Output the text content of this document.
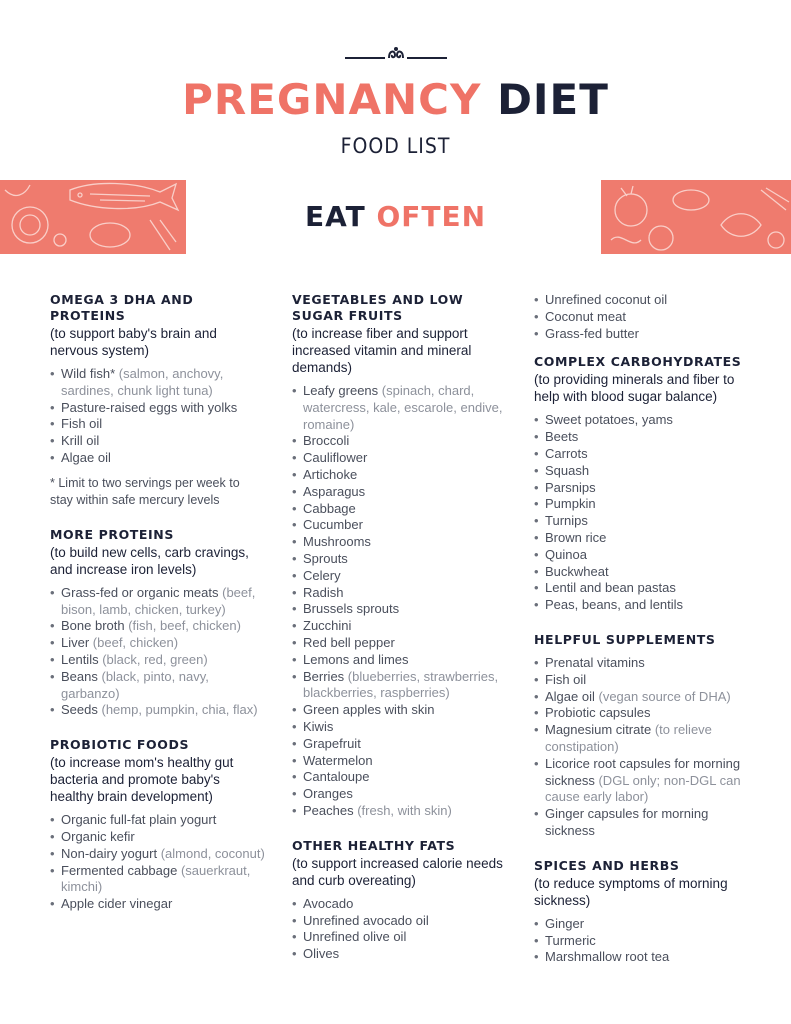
PREGNANCY DIET
FOOD LIST
EAT OFTEN
OMEGA 3 DHA AND PROTEINS
(to support baby's brain and nervous system)
• Wild fish* (salmon, anchovy, sardines, chunk light tuna)
• Pasture-raised eggs with yolks
• Fish oil
• Krill oil
• Algae oil
* Limit to two servings per week to stay within safe mercury levels
MORE PROTEINS
(to build new cells, carb cravings, and increase iron levels)
• Grass-fed or organic meats (beef, bison, lamb, chicken, turkey)
• Bone broth (fish, beef, chicken)
• Liver (beef, chicken)
• Lentils (black, red, green)
• Beans (black, pinto, navy, garbanzo)
• Seeds (hemp, pumpkin, chia, flax)
PROBIOTIC FOODS
(to increase mom's healthy gut bacteria and promote baby's healthy brain development)
• Organic full-fat plain yogurt
• Organic kefir
• Non-dairy yogurt (almond, coconut)
• Fermented cabbage (sauerkraut, kimchi)
• Apple cider vinegar
VEGETABLES AND LOW SUGAR FRUITS
(to increase fiber and support increased vitamin and mineral demands)
• Leafy greens (spinach, chard, watercress, kale, escarole, endive, romaine)
• Broccoli
• Cauliflower
• Artichoke
• Asparagus
• Cabbage
• Cucumber
• Mushrooms
• Sprouts
• Celery
• Radish
• Brussels sprouts
• Zucchini
• Red bell pepper
• Lemons and limes
• Berries (blueberries, strawberries, blackberries, raspberries)
• Green apples with skin
• Kiwis
• Grapefruit
• Watermelon
• Cantaloupe
• Oranges
• Peaches (fresh, with skin)
OTHER HEALTHY FATS
(to support increased calorie needs and curb overeating)
• Avocado
• Unrefined avocado oil
• Unrefined olive oil
• Olives
• Unrefined coconut oil
• Coconut meat
• Grass-fed butter
COMPLEX CARBOHYDRATES
(to providing minerals and fiber to help with blood sugar balance)
• Sweet potatoes, yams
• Beets
• Carrots
• Squash
• Parsnips
• Pumpkin
• Turnips
• Brown rice
• Quinoa
• Buckwheat
• Lentil and bean pastas
• Peas, beans, and lentils
HELPFUL SUPPLEMENTS
• Prenatal vitamins
• Fish oil
• Algae oil (vegan source of DHA)
• Probiotic capsules
• Magnesium citrate (to relieve constipation)
• Licorice root capsules for morning sickness (DGL only; non-DGL can cause early labor)
• Ginger capsules for morning sickness
SPICES AND HERBS
(to reduce symptoms of morning sickness)
• Ginger
• Turmeric
• Marshmallow root tea
